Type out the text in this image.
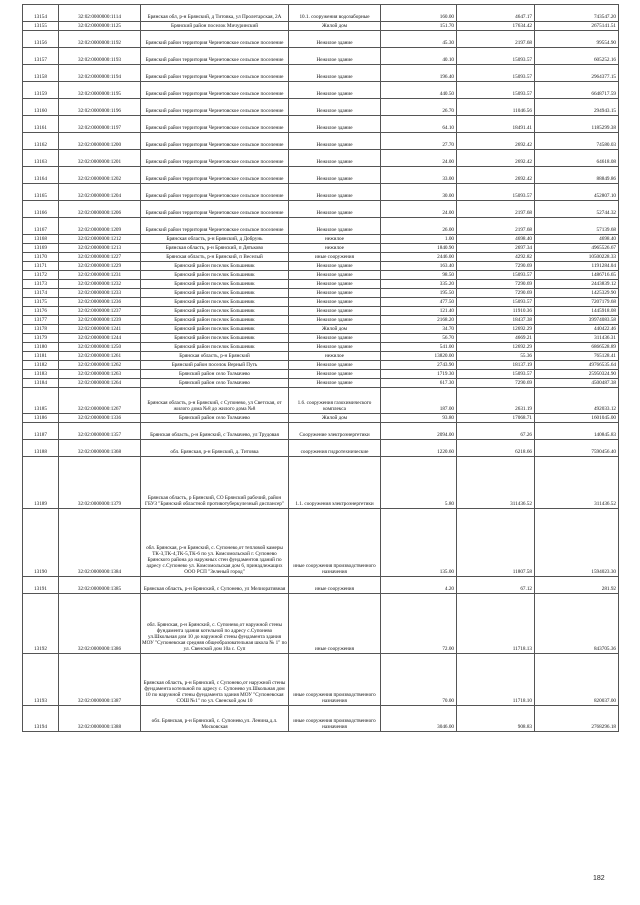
13154	32:02:0000000:1114	Брянская обл, р-н Брянский, д Титовка, ул Пролетарская, 2А	10.1. сооружения водозаборные	160.00	4647.17	743547.20
13155	32:02:0000000:1125	Брянский район поселок Мичуринский	Жилой дом	151.70	17634.42	2675141.51
13156	32:02:0000000:1192	Брянский район территория Чернетовское сельское поселение	Нежилое здание	45.30	2197.68	99554.90
13157	32:02:0000000:1193	Брянский район территория Чернетовское сельское поселение	Нежилое здание	40.10	15093.57	605252.16
13158	32:02:0000000:1194	Брянский район территория Чернетовское сельское поселение	Нежилое здание	196.40	15093.57	2964377.15
13159	32:02:0000000:1195	Брянский район территория Чернетовское сельское поселение	Нежилое здание	440.50	15093.57	6648717.59
13160	32:02:0000000:1196	Брянский район территория Чернетовское сельское поселение	Нежилое здание	26.70	11046.56	294943.15
13161	32:02:0000000:1197	Брянский район территория Чернетовское сельское поселение	Нежилое здание	64.10	18491.41	1185299.38
13162	32:02:0000000:1200	Брянский район территория Чернетовское сельское поселение	Нежилое здание	27.70	2692.42	74580.03
13163	32:02:0000000:1201	Брянский район территория Чернетовское сельское поселение	Нежилое здание	24.00	2692.42	64618.08
13164	32:02:0000000:1202	Брянский район территория Чернетовское сельское поселение	Нежилое здание	33.00	2692.42	88849.86
13165	32:02:0000000:1204	Брянский район территория Чернетовское сельское поселение	Нежилое здание	30.00	15093.57	452807.10
13166	32:02:0000000:1206	Брянский район территория Чернетовское сельское поселение	Нежилое здание	24.00	2197.68	52744.32
13167	32:02:0000000:1209	Брянский район территория Чернетовское сельское поселение	Нежилое здание	26.00	2197.68	57139.68
13168	32:02:0000000:1212	Брянская область, р-н Брянский, д Добрунь	нежилое	1.00	4698.40	4698.40
13169	32:02:0000000:1213	Брянская область, р-н Брянский, п Дятьково	нежилое	1840.90	2697.34	4965526.67
13170	32:02:0000000:1227	Брянская область, р-н Брянский, п Веселый	иные сооружения	2446.00	4292.82	10500228.33
13171	32:02:0000000:1229	Брянский район поселок Большевик	Нежилое здание	163.40	7290.69	1191284.04
13172	32:02:0000000:1231	Брянский район поселок Большевик	Нежилое здание	98.50	15093.57	1486716.65
13173	32:02:0000000:1232	Брянский район поселок Большевик	Нежилое здание	335.20	7290.69	2443839.12
13174	32:02:0000000:1233	Брянский район поселок Большевик	Нежилое здание	195.50	7290.69	1425329.90
13175	32:02:0000000:1236	Брянский район поселок Большевик	Нежилое здание	477.50	15093.57	7207179.68
13176	32:02:0000000:1237	Брянский район поселок Большевик	Нежилое здание	121.40	11910.36	1445918.08
13177	32:02:0000000:1239	Брянский район поселок Большевик	Нежилое здание	2168.20	18437.38	39974083.58
13178	32:02:0000000:1241	Брянский район поселок Большевик	Жилой дом	34.70	12692.29	440422.46
13179	32:02:0000000:1244	Брянский район поселок Большевик	Нежилое здание	56.70	4669.21	311436.31
13180	32:02:0000000:1250	Брянский район поселок Большевик	Нежилое здание	541.00	12692.29	6866528.89
13181	32:02:0000000:1261	Брянская область, р-н Брянский	нежилое	13820.00	55.36	765128.41
13182	32:02:0000000:1262	Брянский район поселок Верный Путь	Нежилое здание	2743.90	18137.19	49766535.64
13183	32:02:0000000:1263	Брянский район село Толмачево	Нежилое здание	1719.30	15093.57	25950324.90
13184	32:02:0000000:1264	Брянский район село Толмачево	Нежилое здание	617.30	7290.69	4500487.38
13185	32:02:0000000:1267	Брянская область, р-н Брянский, с Супонево, ул Светская, от жилого дома №8 до жилого дома №8	1.6. сооружения газохимического комплекса	187.00	2631.19	492033.12
13186	32:02:0000000:1336	Брянский район село Толмачево	Жилой дом	93.80	17068.71	1601045.00
13187	32:02:0000000:1357	Брянская область, р-н Брянский, с Толмачево, ул Трудовая	Сооружение электроэнергетики	2094.00	67.26	140845.83
13188	32:02:0000000:1368	обл. Брянская, р-н Брянский, д. Титовка	сооружения гидротехнические	1220.60	6218.66	7590456.40
13189	32:02:0000000:1379	Брянская область, р Брянский, СО Брянский рабочий, район ГБУЗ "Брянский областной противотуберкулезный диспансер"	1.1. сооружения электроэнергетики	5.80	311436.52	311436.52
13190	32:02:0000000:1384	обл. Брянская, р-н Брянский, с. Супонево,от тепловой камеры ТК-3,ТК-4,ТК-5,ТК-6 по ул. Комсомольской г. Супонево Брянского района до наружных стен фундаментов зданий по адресу с.Супонево ул. Комсомольская дом 6, принадлежащих ООО РСП "Зеленый город"	иные сооружения производственного назначения	135.00	11807.58	1594023.30
13191	32:02:0000000:1385	Брянская область, р-н Брянский, с Супонево, ул Мелиоративная	иные сооружения	4.20	67.12	281.92
13192	32:02:0000000:1386	обл. Брянская, р-н Брянский, с. Супонево,от наружной стены фундамента здания котельной по адресу с.Супонево ул.Школьная дом 10 до наружной стены фундамента здания МОУ "Супоневская средняя общеобразовательная школа № 1" по ул. Свенской дом 10а с. Суп	иные сооружения	72.00	11718.13	843705.36
13193	32:02:0000000:1387	Брянская область, р-н Брянский, с Супонево,от наружной стены фундамента котельной по адресу с. Супонево ул.Школьная дом 10 по наружной стены фундамента здания МОУ "Супоневская СОШ №1" по ул. Свенской дом 10	иные сооружения производственного назначения	70.00	11718.10	820037.00
13194	32:02:0000000:1388	обл. Брянская, р-н Брянский, с. Супонево,ул. Ленина,д.л. Московская	иные сооружения производственного назначения	3046.00	908.83	2768296.18
182
